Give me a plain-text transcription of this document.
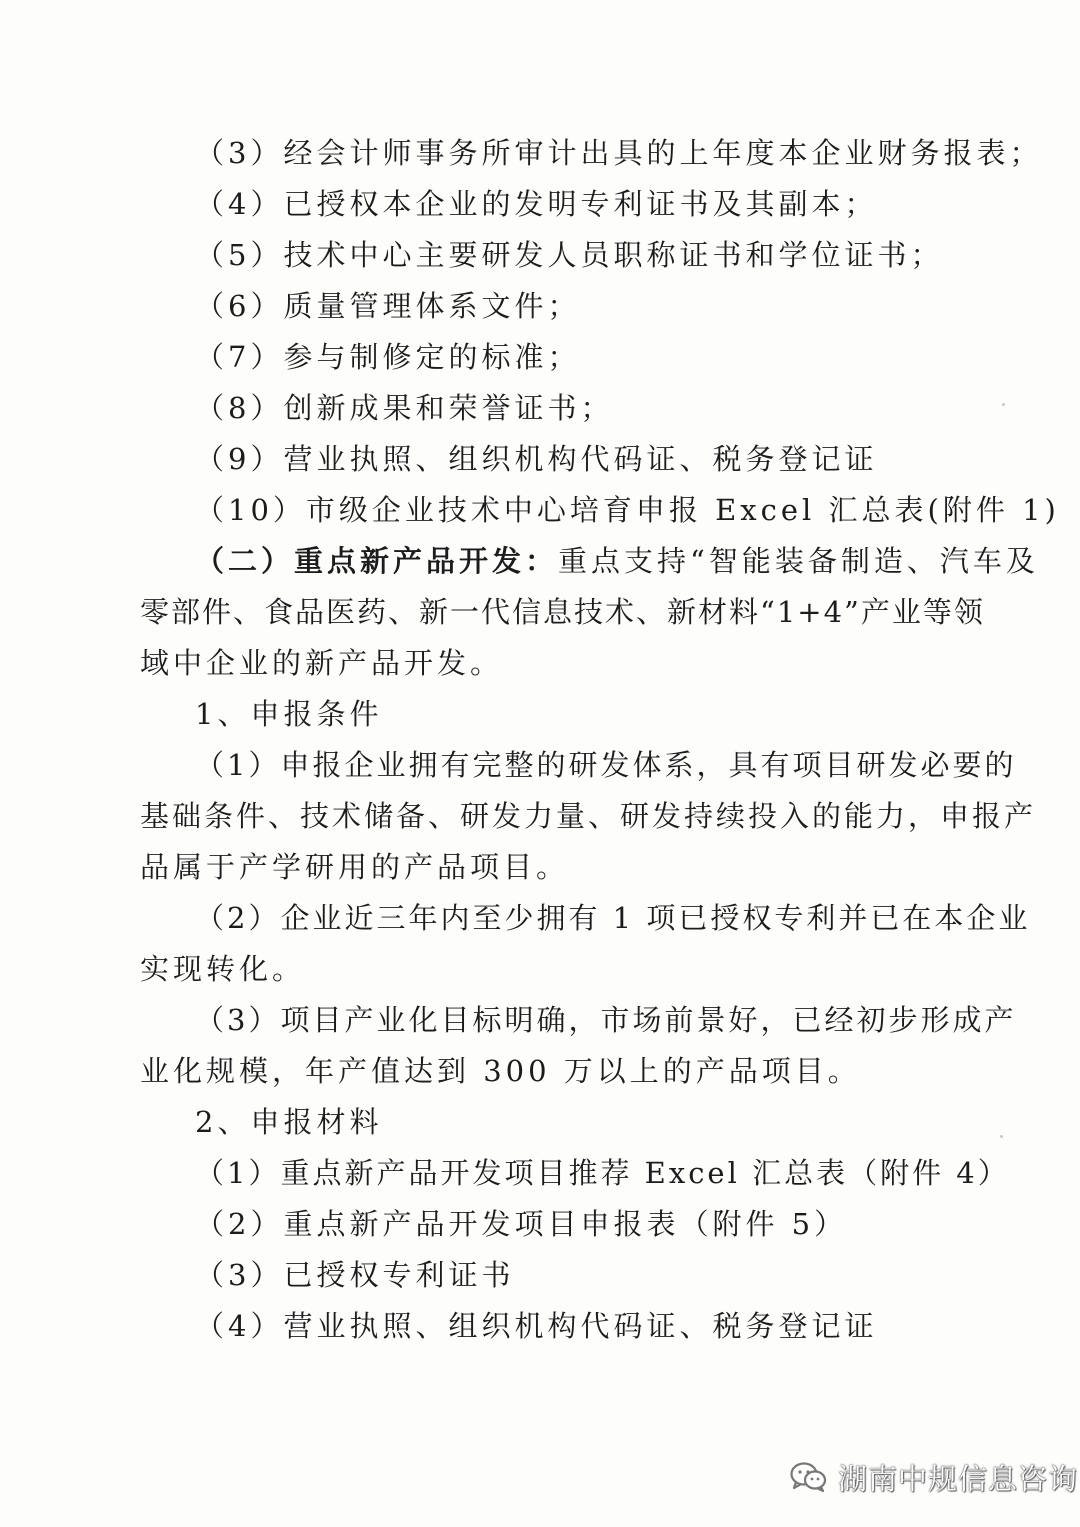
（3）经会计师事务所审计出具的上年度本企业财务报表；
（4）已授权本企业的发明专利证书及其副本；
（5）技术中心主要研发人员职称证书和学位证书；
（6）质量管理体系文件；
（7）参与制修定的标准；
（8）创新成果和荣誉证书；
（9）营业执照、组织机构代码证、税务登记证
（10）市级企业技术中心培育申报 Excel 汇总表(附件 1)
（二）重点新产品开发：重点支持“智能装备制造、汽车及
零部件、食品医药、新一代信息技术、新材料“1+4”产业等领
域中企业的新产品开发。
1、申报条件
（1）申报企业拥有完整的研发体系，具有项目研发必要的
基础条件、技术储备、研发力量、研发持续投入的能力，申报产
品属于产学研用的产品项目。
（2）企业近三年内至少拥有 1 项已授权专利并已在本企业
实现转化。
（3）项目产业化目标明确，市场前景好，已经初步形成产
业化规模，年产值达到 300 万以上的产品项目。
2、申报材料
（1）重点新产品开发项目推荐 Excel 汇总表（附件 4）
（2）重点新产品开发项目申报表（附件 5）
（3）已授权专利证书
（4）营业执照、组织机构代码证、税务登记证
湖南中规信息咨询
